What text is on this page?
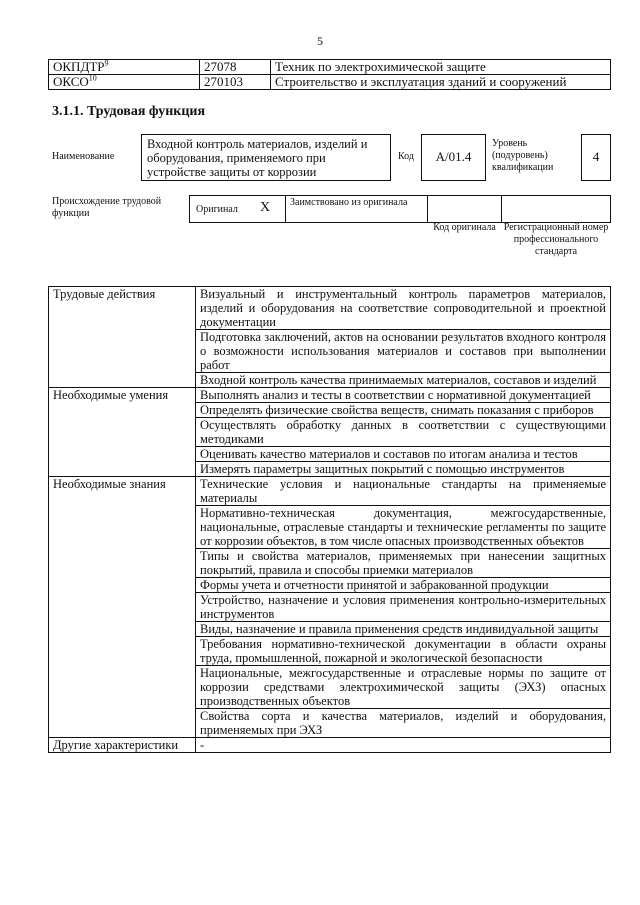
5
ОКПДТР$^9$	27078	Техник по электрохимической защите
ОКСО$^{10}$	270103	Строительство и эксплуатация зданий и сооружений
3.1.1. Трудовая функция
Наименование
Входной контроль материалов, изделий и оборудования, применяемого при устройстве защиты от коррозии
Код	A/01.4
Уровень (подуровень) квалификации
4
Происхождение трудовой функции	Оригинал X Заимствовано из оригинала
Код оригинала Регистрационный номер профессионального стандарта
Трудовые действия	Визуальный и инструментальный контроль параметров материалов, изделий и оборудования на соответствие сопроводительной и проектной документации
	Подготовка заключений, актов на основании результатов входного контроля о возможности использования материалов и составов при выполнении работ
	Входной контроль качества принимаемых материалов, составов и изделий
Необходимые умения	Выполнять анализ и тесты в соответствии с нормативной документацией
	Определять физические свойства веществ, снимать показания с приборов
	Осуществлять обработку данных в соответствии с существующими методиками
	Оценивать качество материалов и составов по итогам анализа и тестов
	Измерять параметры защитных покрытий с помощью инструментов
Необходимые знания	Технические условия и национальные стандарты на применяемые материалы
	Нормативно-техническая документация, межгосударственные, национальные, отраслевые стандарты и технические регламенты по защите от коррозии объектов, в том числе опасных производственных объектов
	Типы и свойства материалов, применяемых при нанесении защитных покрытий, правила и способы приемки материалов
	Формы учета и отчетности принятой и забракованной продукции
	Устройство, назначение и условия применения контрольно-измерительных инструментов
	Виды, назначение и правила применения средств индивидуальной защиты
	Требования нормативно-технической документации в области охраны труда, промышленной, пожарной и экологической безопасности
	Национальные, межгосударственные и отраслевые нормы по защите от коррозии средствами электрохимической защиты (ЭХЗ) опасных производственных объектов
	Свойства сорта и качества материалов, изделий и оборудования, применяемых при ЭХЗ
Другие характеристики	-
